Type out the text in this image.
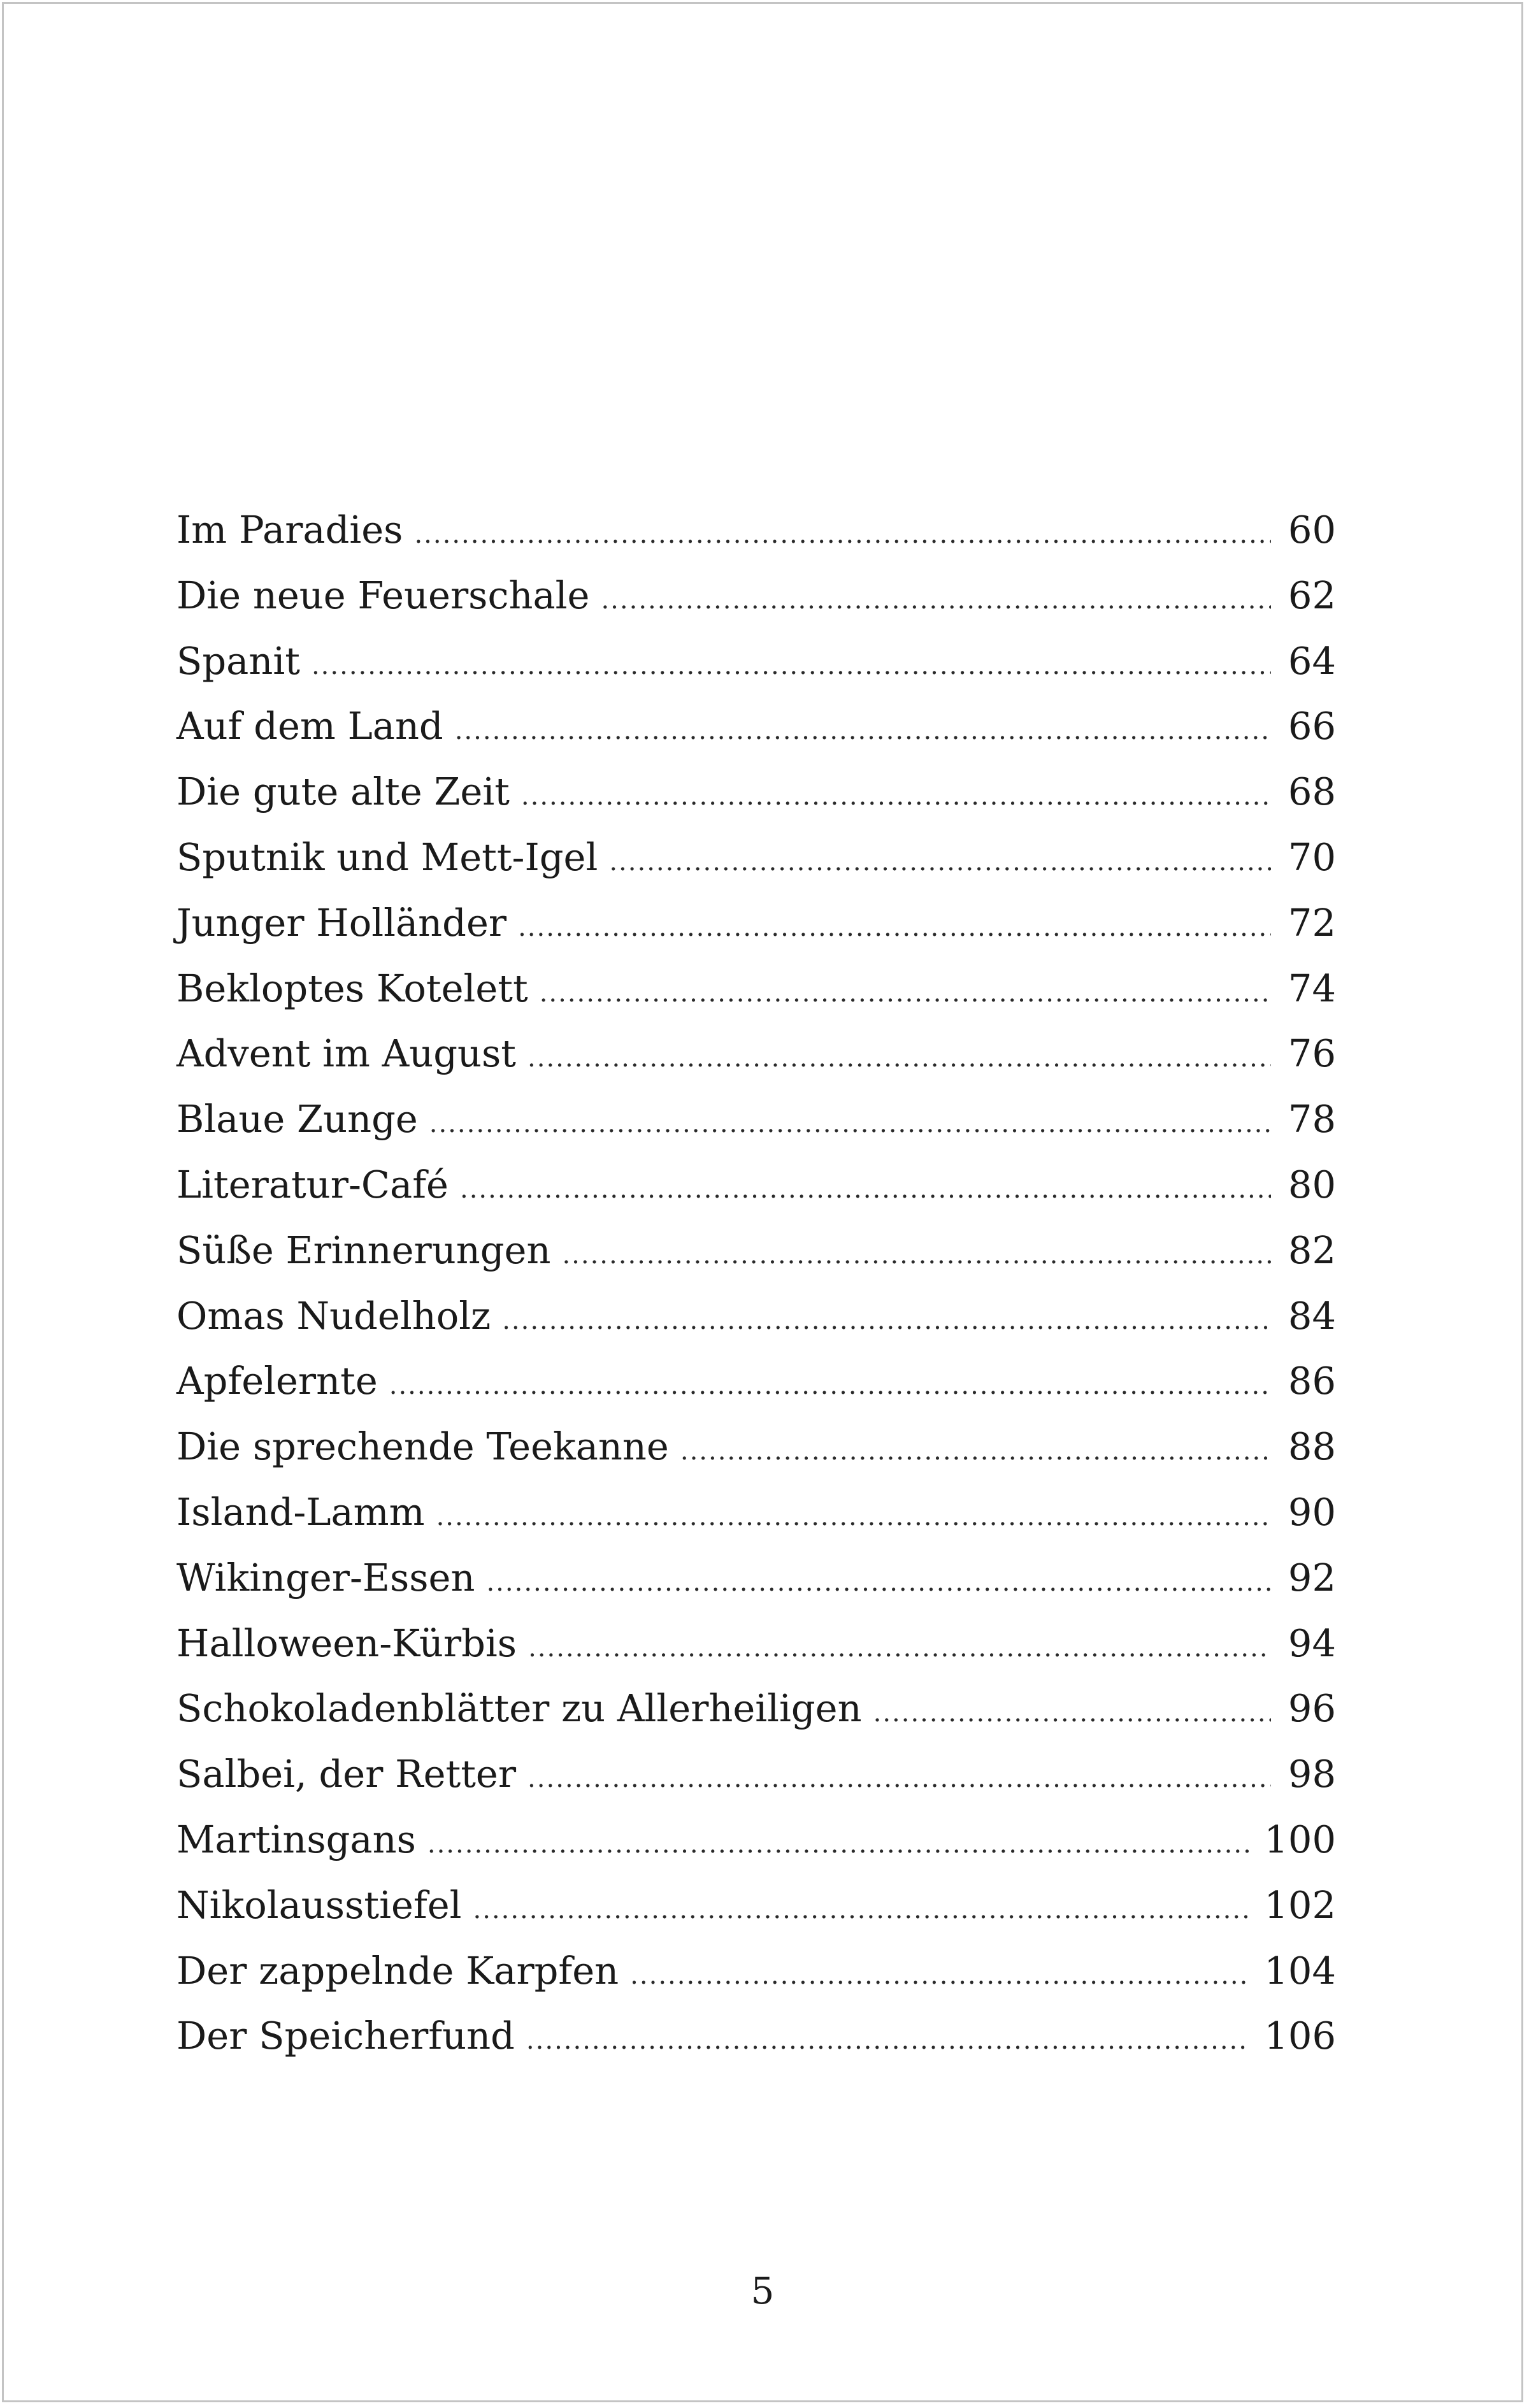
Im Paradies .....	60
Die neue Feuerschale .....	62
Spanit .....	64
Auf dem Land .....	66
Die gute alte Zeit .....	68
Sputnik und Mett-Igel .....	70
Junger Holländer .....	72
Bekloptes Kotelett .....	74
Advent im August .....	76
Blaue Zunge .....	78
Literatur-Café .....	80
Süße Erinnerungen .....	82
Omas Nudelholz .....	84
Apfelernte .....	86
Die sprechende Teekanne .....	88
Island-Lamm .....	90
Wikinger-Essen .....	92
Halloween-Kürbis .....	94
Schokoladenblätter zu Allerheiligen .....	96
Salbei, der Retter .....	98
Martinsgans .....	100
Nikolausstiefel .....	102
Der zappelnde Karpfen .....	104
Der Speicherfund .....	106
5
